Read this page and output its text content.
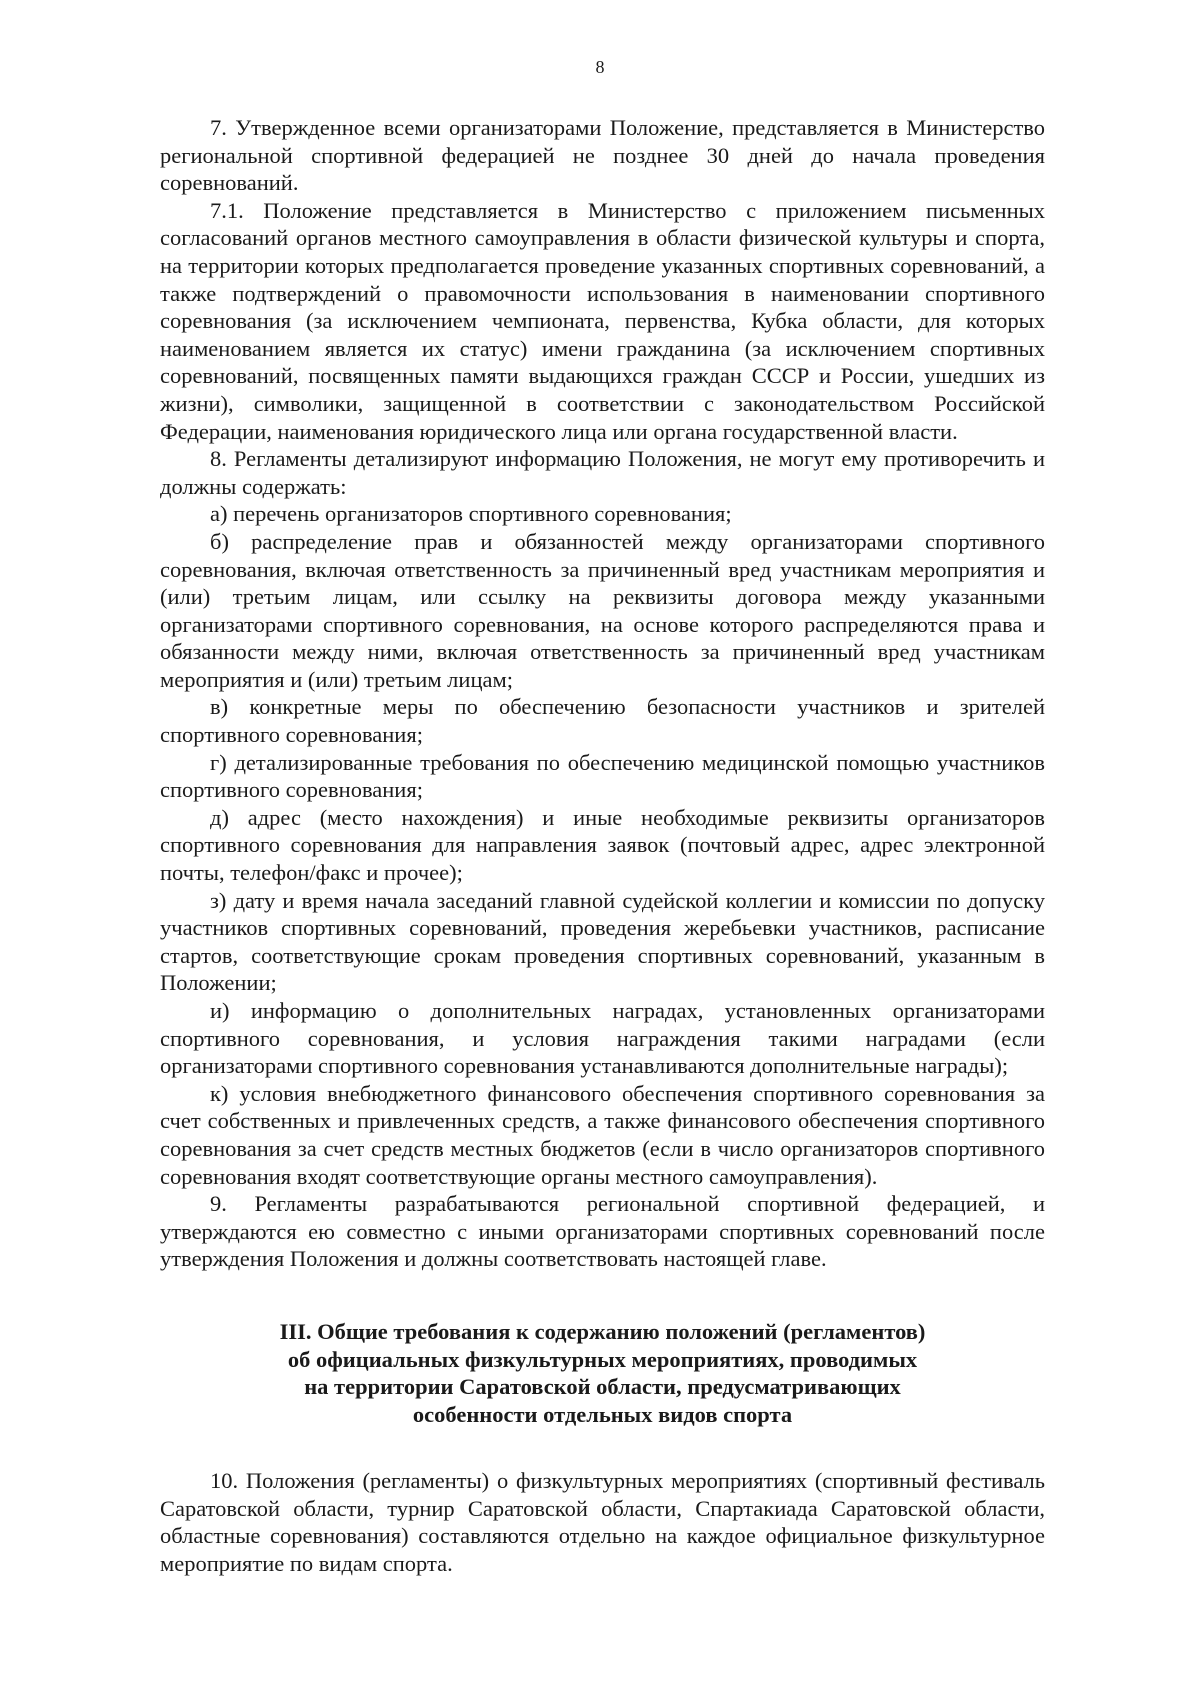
8

7. Утвержденное всеми организаторами Положение, представляется в Министерство региональной спортивной федерацией не позднее 30 дней до начала проведения соревнований.

7.1. Положение представляется в Министерство с приложением письменных согласований органов местного самоуправления в области физической культуры и спорта, на территории которых предполагается проведение указанных спортивных соревнований, а также подтверждений о правомочности использования в наименовании спортивного соревнования (за исключением чемпионата, первенства, Кубка области, для которых наименованием является их статус) имени гражданина (за исключением спортивных соревнований, посвященных памяти выдающихся граждан СССР и России, ушедших из жизни), символики, защищенной в соответствии с законодательством Российской Федерации, наименования юридического лица или органа государственной власти.

8. Регламенты детализируют информацию Положения, не могут ему противоречить и должны содержать:

а) перечень организаторов спортивного соревнования;

б) распределение прав и обязанностей между организаторами спортивного соревнования, включая ответственность за причиненный вред участникам мероприятия и (или) третьим лицам, или ссылку на реквизиты договора между указанными организаторами спортивного соревнования, на основе которого распределяются права и обязанности между ними, включая ответственность за причиненный вред участникам мероприятия и (или) третьим лицам;

в) конкретные меры по обеспечению безопасности участников и зрителей спортивного соревнования;

г) детализированные требования по обеспечению медицинской помощью участников спортивного соревнования;

д) адрес (место нахождения) и иные необходимые реквизиты организаторов спортивного соревнования для направления заявок (почтовый адрес, адрес электронной почты, телефон/факс и прочее);

з) дату и время начала заседаний главной судейской коллегии и комиссии по допуску участников спортивных соревнований, проведения жеребьевки участников, расписание стартов, соответствующие срокам проведения спортивных соревнований, указанным в Положении;

и) информацию о дополнительных наградах, установленных организаторами спортивного соревнования, и условия награждения такими наградами (если организаторами спортивного соревнования устанавливаются дополнительные награды);

к) условия внебюджетного финансового обеспечения спортивного соревнования за счет собственных и привлеченных средств, а также финансового обеспечения спортивного соревнования за счет средств местных бюджетов (если в число организаторов спортивного соревнования входят соответствующие органы местного самоуправления).

9. Регламенты разрабатываются региональной спортивной федерацией, и утверждаются ею совместно с иными организаторами спортивных соревнований после утверждения Положения и должны соответствовать настоящей главе.

III. Общие требования к содержанию положений (регламентов)
об официальных физкультурных мероприятиях, проводимых
на территории Саратовской области, предусматривающих
особенности отдельных видов спорта

10. Положения (регламенты) о физкультурных мероприятиях (спортивный фестиваль Саратовской области, турнир Саратовской области, Спартакиада Саратовской области, областные соревнования) составляются отдельно на каждое официальное физкультурное мероприятие по видам спорта.
